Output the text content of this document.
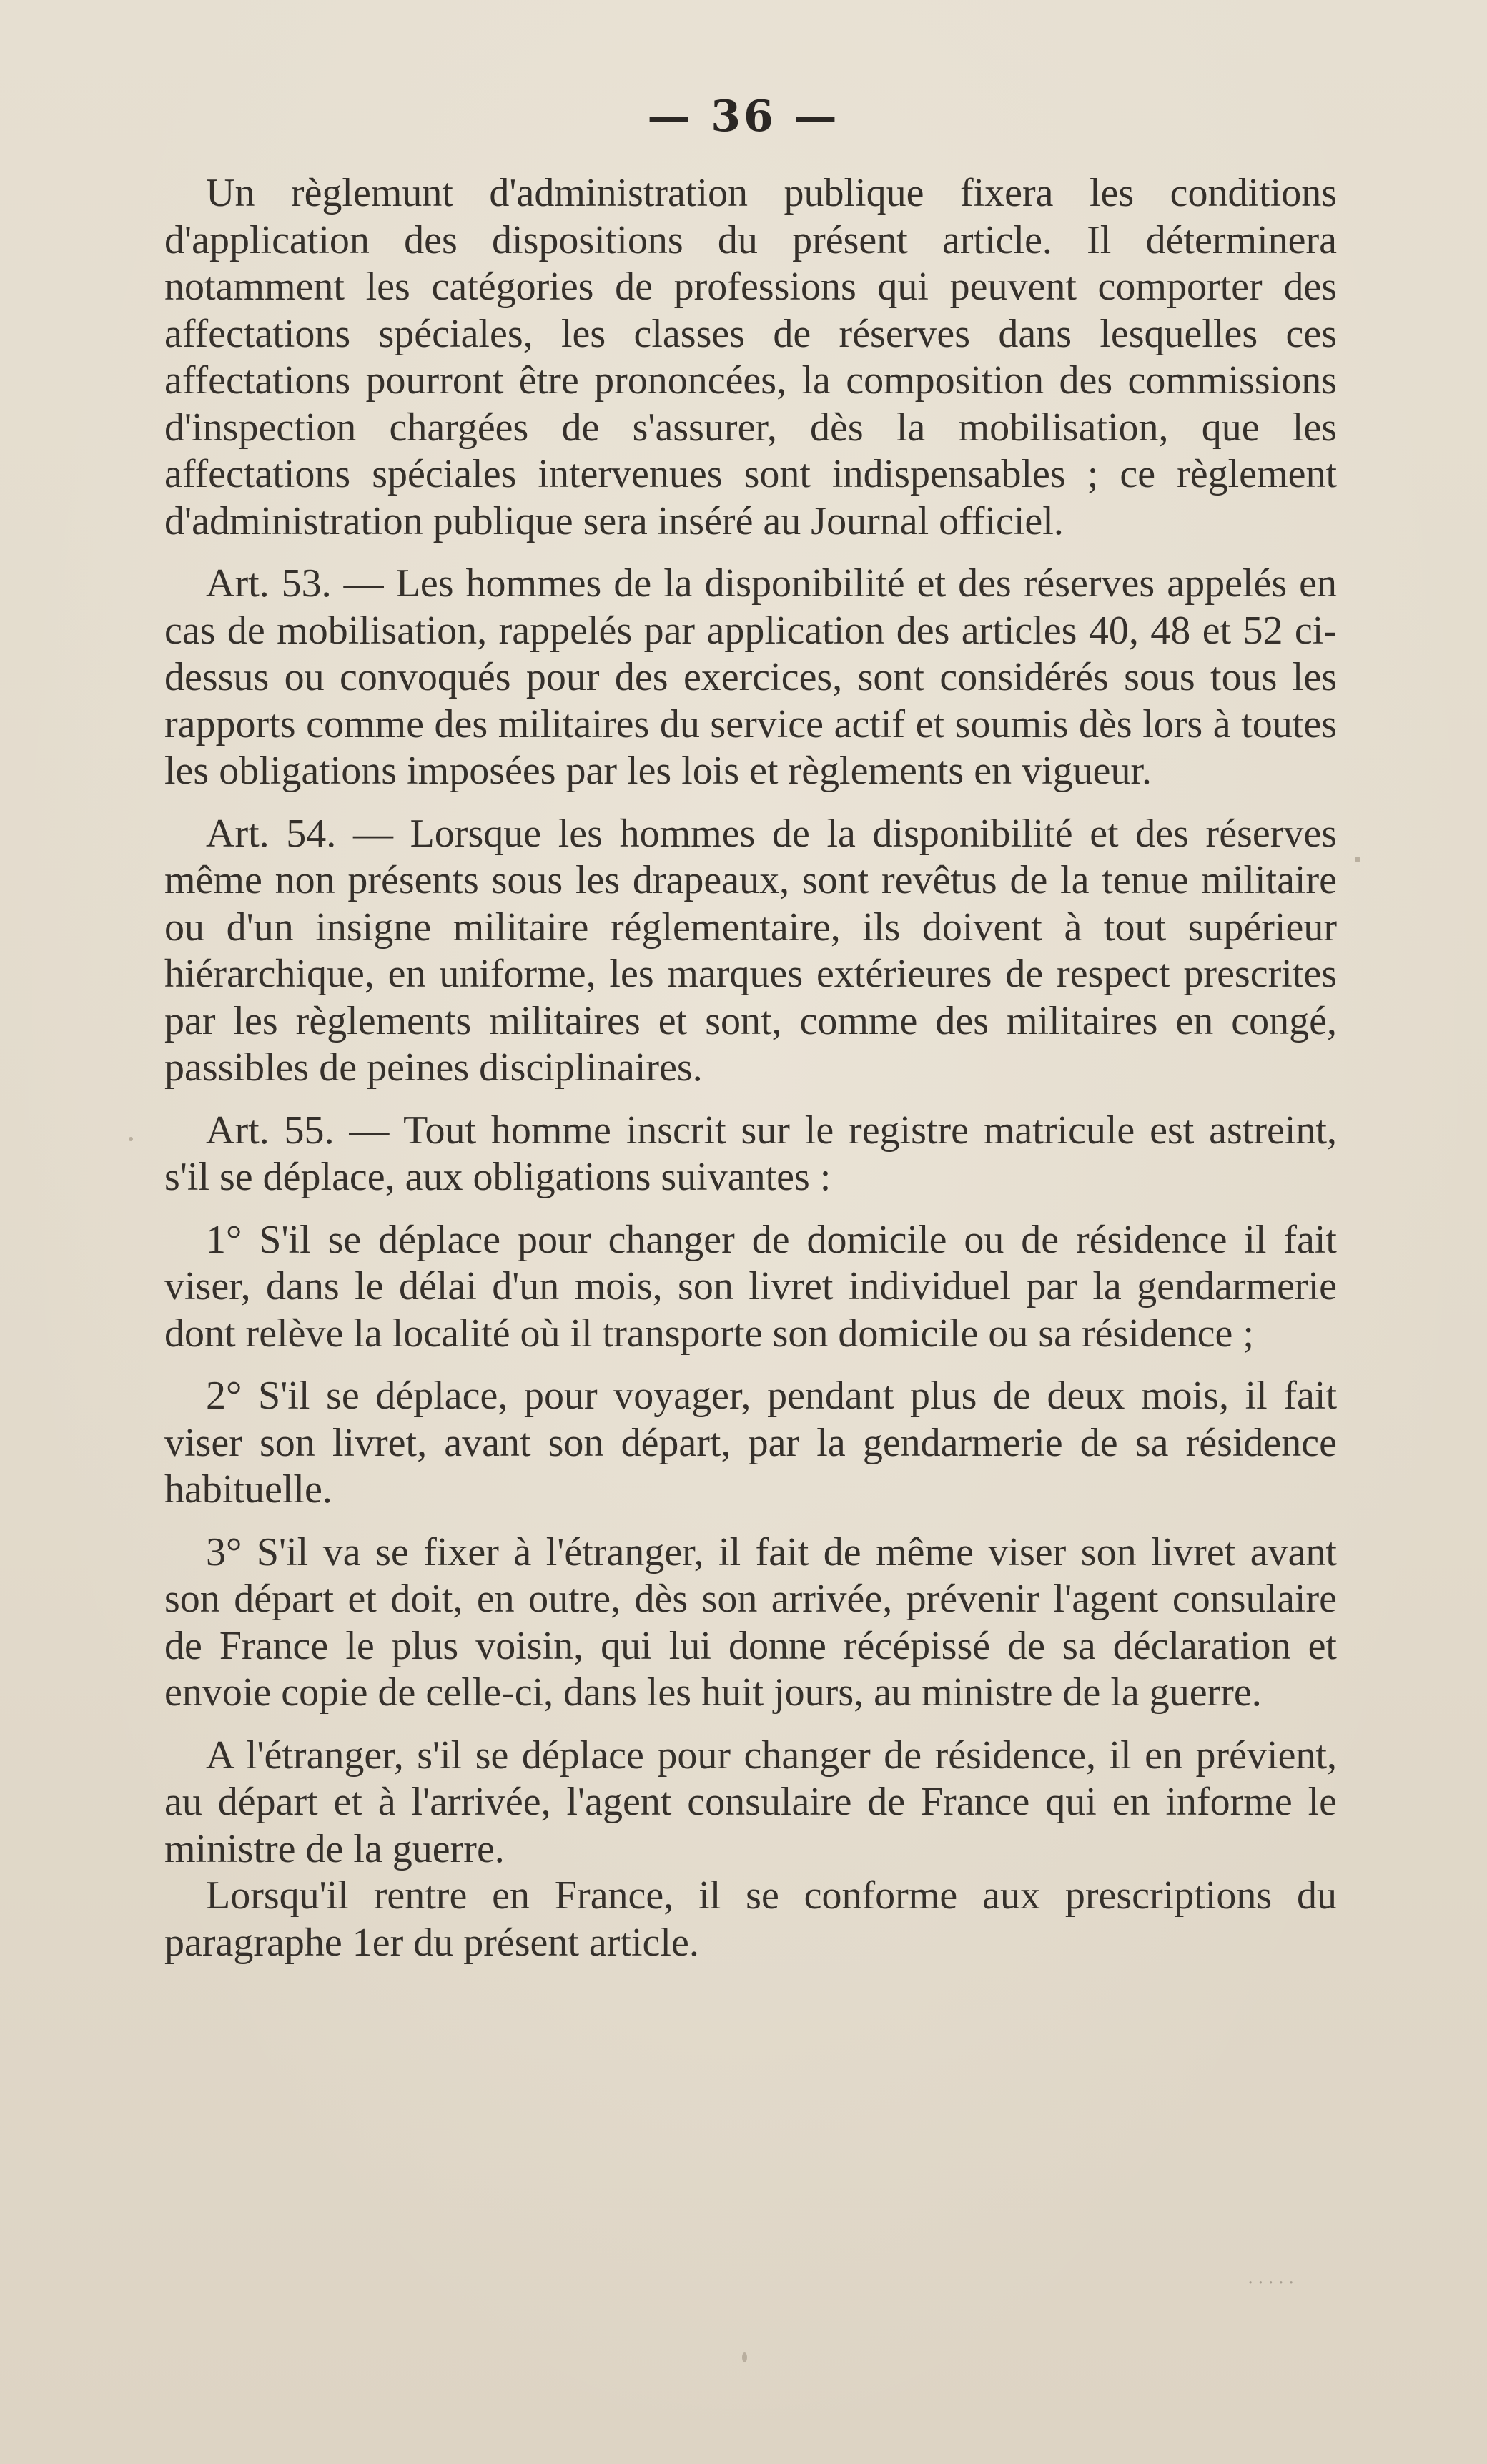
— 36 —

Un règlemunt d'administration publique fixera les conditions d'application des dispositions du présent article. Il déterminera notamment les catégories de professions qui peuvent comporter des affectations spéciales, les classes de réserves dans lesquelles ces affectations pourront être prononcées, la composition des commissions d'inspection chargées de s'assurer, dès la mobilisation, que les affectations spéciales intervenues sont indispensables ; ce règlement d'administration publique sera inséré au Journal officiel.

Art. 53. — Les hommes de la disponibilité et des réserves appelés en cas de mobilisation, rappelés par application des articles 40, 48 et 52 ci-dessus ou convoqués pour des exercices, sont considérés sous tous les rapports comme des militaires du service actif et soumis dès lors à toutes les obligations imposées par les lois et règlements en vigueur.

Art. 54. — Lorsque les hommes de la disponibilité et des réserves même non présents sous les drapeaux, sont revêtus de la tenue militaire ou d'un insigne militaire réglementaire, ils doivent à tout supérieur hiérarchique, en uniforme, les marques extérieures de respect prescrites par les règlements militaires et sont, comme des militaires en congé, passibles de peines disciplinaires.

Art. 55. — Tout homme inscrit sur le registre matricule est astreint, s'il se déplace, aux obligations suivantes :

1° S'il se déplace pour changer de domicile ou de résidence il fait viser, dans le délai d'un mois, son livret individuel par la gendarmerie dont relève la localité où il transporte son domicile ou sa résidence ;

2° S'il se déplace, pour voyager, pendant plus de deux mois, il fait viser son livret, avant son départ, par la gendarmerie de sa résidence habituelle.

3° S'il va se fixer à l'étranger, il fait de même viser son livret avant son départ et doit, en outre, dès son arrivée, prévenir l'agent consulaire de France le plus voisin, qui lui donne récépissé de sa déclaration et envoie copie de celle-ci, dans les huit jours, au ministre de la guerre.

A l'étranger, s'il se déplace pour changer de résidence, il en prévient, au départ et à l'arrivée, l'agent consulaire de France qui en informe le ministre de la guerre.

Lorsqu'il rentre en France, il se conforme aux prescriptions du paragraphe 1er du présent article.

·····
